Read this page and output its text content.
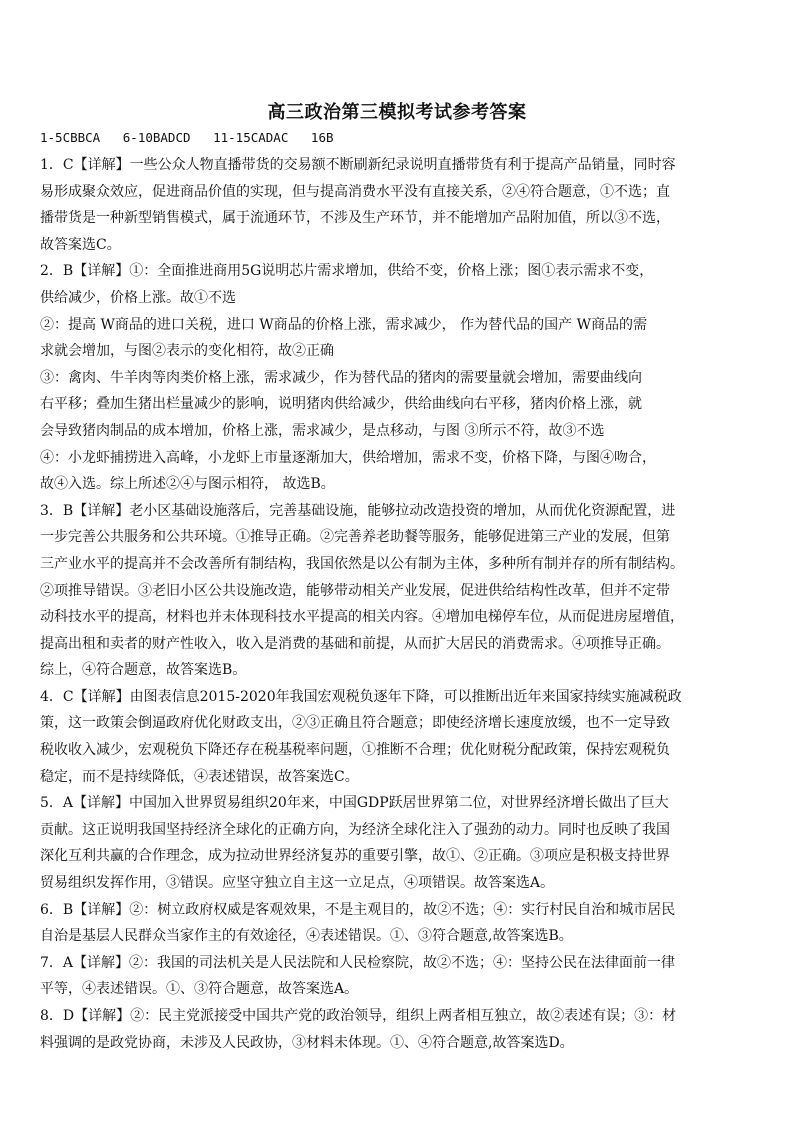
高三政治第三模拟考试参考答案
1-5CBBCA   6-10BADCD   11-15CADAC   16B
1．C【详解】一些公众人物直播带货的交易额不断刷新纪录说明直播带货有利于提高产品销量，同时容
易形成聚众效应，促进商品价值的实现，但与提高消费水平没有直接关系，②④符合题意，①不选；直
播带货是一种新型销售模式，属于流通环节，不涉及生产环节，并不能增加产品附加值，所以③不选，
故答案选C。
2．B【详解】①：全面推进商用5G说明芯片需求增加，供给不变，价格上涨；图①表示需求不变，
供给减少，价格上涨。故①不选
②：提高 W商品的进口关税，进口 W商品的价格上涨，需求减少， 作为替代品的国产 W商品的需
求就会增加，与图②表示的变化相符，故②正确
③：禽肉、牛羊肉等肉类价格上涨，需求减少，作为替代品的猪肉的需要量就会增加，需要曲线向
右平移；叠加生猪出栏量减少的影响，说明猪肉供给减少，供给曲线向右平移，猪肉价格上涨，就
会导致猪肉制品的成本增加，价格上涨，需求减少，是点移动，与图 ③所示不符，故③不选
④：小龙虾捕捞进入高峰，小龙虾上市量逐渐加大，供给增加，需求不变，价格下降，与图④吻合，
故④入选。综上所述②④与图示相符， 故选B。
3．B【详解】老小区基础设施落后，完善基础设施，能够拉动改造投资的增加，从而优化资源配置，进
一步完善公共服务和公共环境。①推导正确。②完善养老助餐等服务，能够促进第三产业的发展，但第
三产业水平的提高并不会改善所有制结构，我国依然是以公有制为主体，多种所有制并存的所有制结构。
②项推导错误。③老旧小区公共设施改造，能够带动相关产业发展，促进供给结构性改革，但并不定带
动科技水平的提高，材料也并未体现科技水平提高的相关内容。④增加电梯停车位，从而促进房屋增值，
提高出租和卖者的财产性收入，收入是消费的基础和前提，从而扩大居民的消费需求。④项推导正确。
综上，④符合题意，故答案选B。
4．C【详解】由图表信息2015-2020年我国宏观税负逐年下降，可以推断出近年来国家持续实施减税政
策，这一政策会倒逼政府优化财政支出，②③正确且符合题意；即使经济增长速度放缓，也不一定导致
税收收入减少，宏观税负下降还存在税基税率问题，①推断不合理；优化财税分配政策，保持宏观税负
稳定，而不是持续降低，④表述错误，故答案选C。
5．A【详解】中国加入世界贸易组织20年来，中国GDP跃居世界第二位，对世界经济增长做出了巨大
贡献。这正说明我国坚持经济全球化的正确方向，为经济全球化注入了强劲的动力。同时也反映了我国
深化互利共赢的合作理念，成为拉动世界经济复苏的重要引擎，故①、②正确。③项应是积极支持世界
贸易组织发挥作用，③错误。应坚守独立自主这一立足点，④项错误。故答案选A。
6．B【详解】②：树立政府权威是客观效果，不是主观目的，故②不选；④：实行村民自治和城市居民
自治是基层人民群众当家作主的有效途径，④表述错误。①、③符合题意,故答案选B。
7．A【详解】②：我国的司法机关是人民法院和人民检察院，故②不选；④：坚持公民在法律面前一律
平等，④表述错误。①、③符合题意，故答案选A。
8．D【详解】②：民主党派接受中国共产党的政治领导，组织上两者相互独立，故②表述有误；③：材
料强调的是政党协商，未涉及人民政协，③材料未体现。①、④符合题意,故答案选D。
